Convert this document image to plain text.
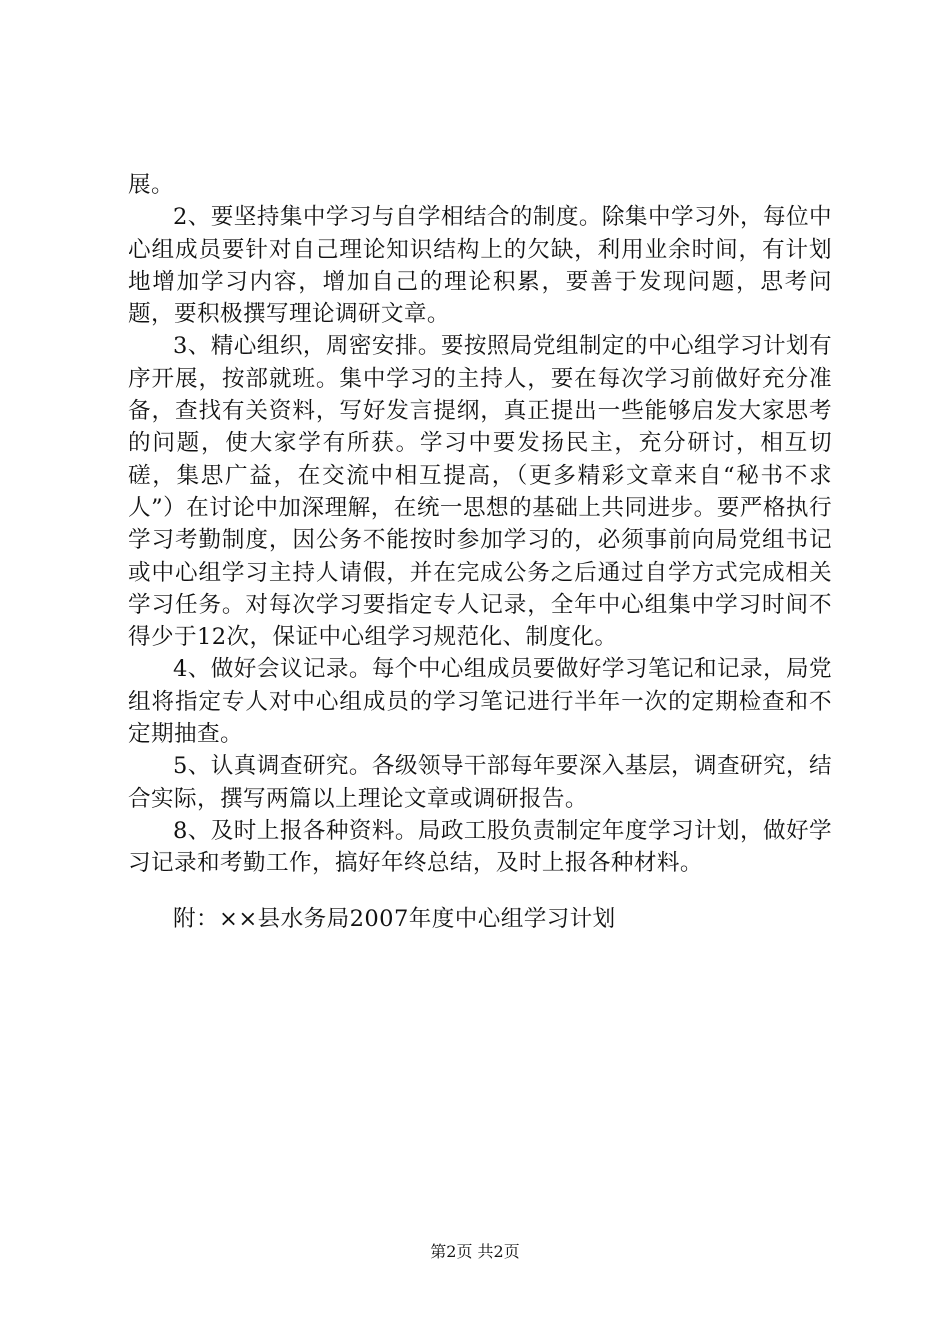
展。

2、要坚持集中学习与自学相结合的制度。除集中学习外，每位中心组成员要针对自己理论知识结构上的欠缺，利用业余时间，有计划地增加学习内容，增加自己的理论积累，要善于发现问题，思考问题，要积极撰写理论调研文章。

3、精心组织，周密安排。要按照局党组制定的中心组学习计划有序开展，按部就班。集中学习的主持人，要在每次学习前做好充分准备，查找有关资料，写好发言提纲，真正提出一些能够启发大家思考的问题，使大家学有所获。学习中要发扬民主，充分研讨，相互切磋，集思广益，在交流中相互提高，（更多精彩文章来自“秘书不求人”）在讨论中加深理解，在统一思想的基础上共同进步。要严格执行学习考勤制度，因公务不能按时参加学习的，必须事前向局党组书记或中心组学习主持人请假，并在完成公务之后通过自学方式完成相关学习任务。对每次学习要指定专人记录，全年中心组集中学习时间不得少于12次，保证中心组学习规范化、制度化。

4、做好会议记录。每个中心组成员要做好学习笔记和记录，局党组将指定专人对中心组成员的学习笔记进行半年一次的定期检查和不定期抽查。

5、认真调查研究。各级领导干部每年要深入基层，调查研究，结合实际，撰写两篇以上理论文章或调研报告。

8、及时上报各种资料。局政工股负责制定年度学习计划，做好学习记录和考勤工作，搞好年终总结，及时上报各种材料。

附：××县水务局2007年度中心组学习计划
第2页 共2页
